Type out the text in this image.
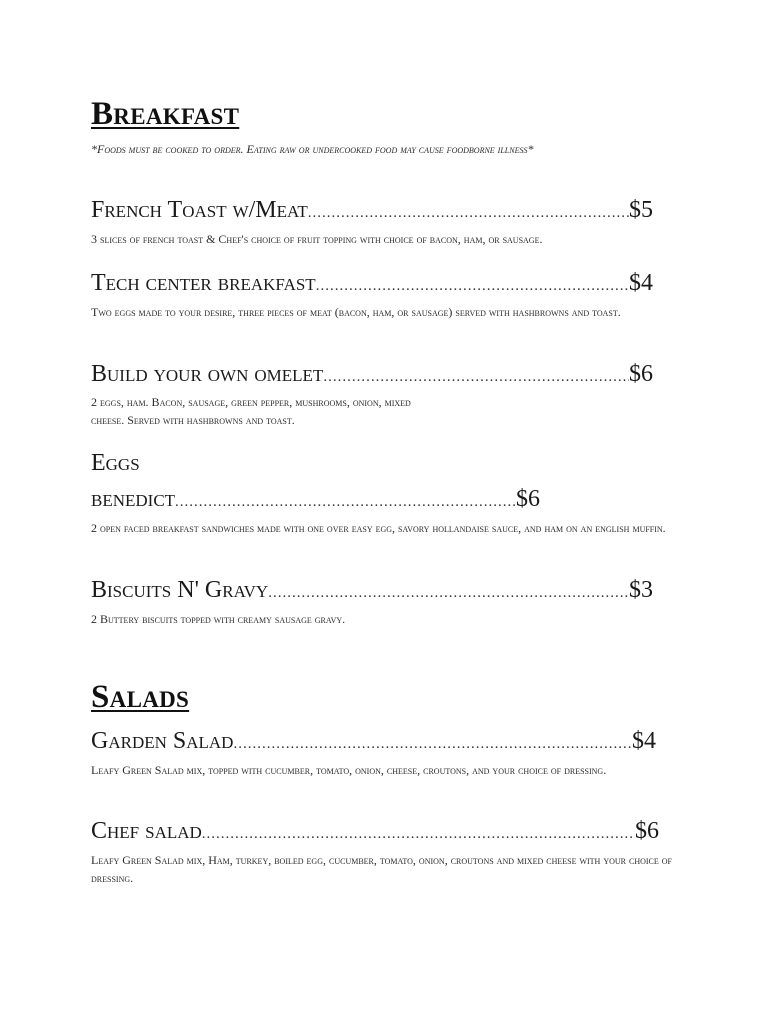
Breakfast

*Foods must be cooked to order. Eating raw or undercooked food may cause foodborne illness*

French Toast w/Meat .....	$5

3 slices of french toast & Chef's choice of fruit topping with choice of bacon, ham, or sausage.

Tech center breakfast .....	$4

Two eggs made to your desire, three pieces of meat (bacon, ham, or sausage) served with hashbrowns and toast.

Build your own omelet .....	$6

2 eggs, ham. Bacon, sausage, green pepper, mushrooms, onion, mixed
cheese. Served with hashbrowns and toast.

Eggs

benedict .....	$6

2 open faced breakfast sandwiches made with one over easy egg, savory hollandaise sauce, and ham on an english muffin.

Biscuits N' Gravy .....	$3

2 Buttery biscuits topped with creamy sausage gravy.

Salads
Garden Salad .....	$4

Leafy Green Salad mix, topped with cucumber, tomato, onion, cheese, croutons, and your choice of dressing.

Chef salad .....	$6

Leafy Green Salad mix, Ham, turkey, boiled egg, cucumber, tomato, onion, croutons and mixed cheese with your choice of dressing.
